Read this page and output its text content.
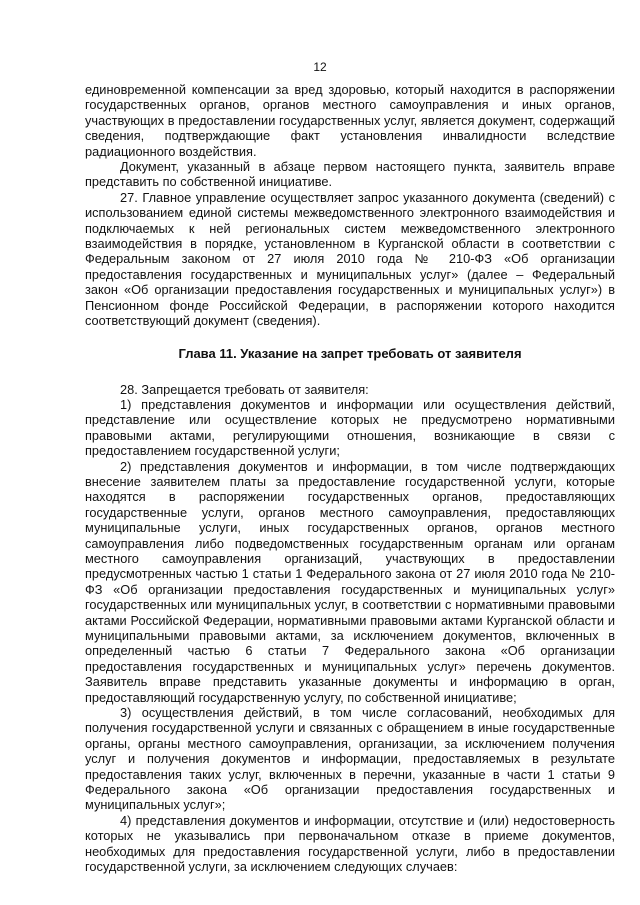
12

единовременной компенсации за вред здоровью, который находится в распоряжении государственных органов, органов местного самоуправления и иных органов, участвующих в предоставлении государственных услуг, является документ, содержащий сведения, подтверждающие факт установления инвалидности вследствие радиационного воздействия.

Документ, указанный в абзаце первом настоящего пункта, заявитель вправе представить по собственной инициативе.

27. Главное управление осуществляет запрос указанного документа (сведений) с использованием единой системы межведомственного электронного взаимодействия и подключаемых к ней региональных систем межведомственного электронного взаимодействия в порядке, установленном в Курганской области в соответствии с Федеральным законом от 27 июля 2010 года № 210-ФЗ «Об организации предоставления государственных и муниципальных услуг» (далее – Федеральный закон «Об организации предоставления государственных и муниципальных услуг») в Пенсионном фонде Российской Федерации, в распоряжении которого находится соответствующий документ (сведения).

Глава 11. Указание на запрет требовать от заявителя

28. Запрещается требовать от заявителя:

1) представления документов и информации или осуществления действий, представление или осуществление которых не предусмотрено нормативными правовыми актами, регулирующими отношения, возникающие в связи с предоставлением государственной услуги;

2) представления документов и информации, в том числе подтверждающих внесение заявителем платы за предоставление государственной услуги, которые находятся в распоряжении государственных органов, предоставляющих государственные услуги, органов местного самоуправления, предоставляющих муниципальные услуги, иных государственных органов, органов местного самоуправления либо подведомственных государственным органам или органам местного самоуправления организаций, участвующих в предоставлении предусмотренных частью 1 статьи 1 Федерального закона от 27 июля 2010 года № 210-ФЗ «Об организации предоставления государственных и муниципальных услуг» государственных или муниципальных услуг, в соответствии с нормативными правовыми актами Российской Федерации, нормативными правовыми актами Курганской области и муниципальными правовыми актами, за исключением документов, включенных в определенный частью 6 статьи 7 Федерального закона «Об организации предоставления государственных и муниципальных услуг» перечень документов. Заявитель вправе представить указанные документы и информацию в орган, предоставляющий государственную услугу, по собственной инициативе;

3) осуществления действий, в том числе согласований, необходимых для получения государственной услуги и связанных с обращением в иные государственные органы, органы местного самоуправления, организации, за исключением получения услуг и получения документов и информации, предоставляемых в результате предоставления таких услуг, включенных в перечни, указанные в части 1 статьи 9 Федерального закона «Об организации предоставления государственных и муниципальных услуг»;

4) представления документов и информации, отсутствие и (или) недостоверность которых не указывались при первоначальном отказе в приеме документов, необходимых для предоставления государственной услуги, либо в предоставлении государственной услуги, за исключением следующих случаев:
